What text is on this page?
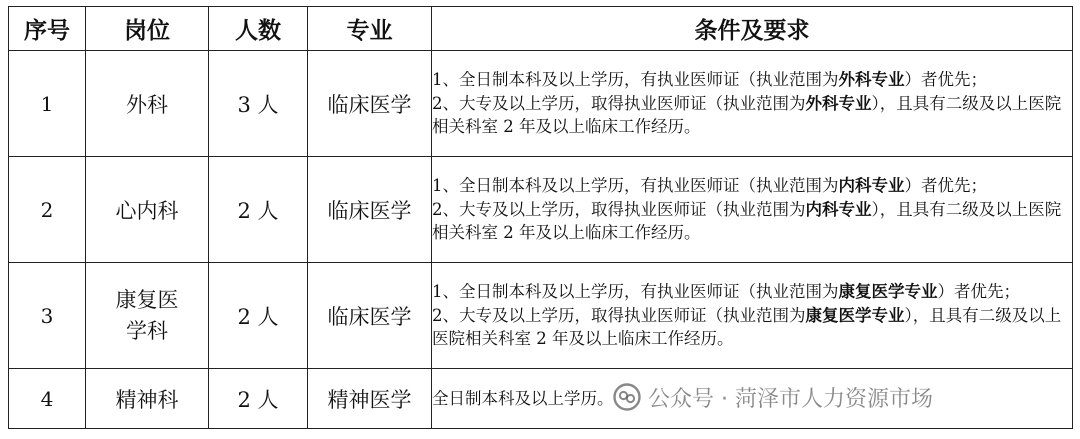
序号	岗位	人数	专业	条件及要求
1	外科	3 人	临床医学	1、全日制本科及以上学历，有执业医师证（执业范围为外科专业）者优先；
2、大专及以上学历，取得执业医师证（执业范围为外科专业），且具有二级及以上医院相关科室 2 年及以上临床工作经历。
2	心内科	2 人	临床医学	1、全日制本科及以上学历，有执业医师证（执业范围为内科专业）者优先；
2、大专及以上学历，取得执业医师证（执业范围为内科专业），且具有二级及以上医院相关科室 2 年及以上临床工作经历。
3	康复医学科	2 人	临床医学	1、全日制本科及以上学历，有执业医师证（执业范围为康复医学专业）者优先；
2、大专及以上学历，取得执业医师证（执业范围为康复医学专业），且具有二级及以上医院相关科室 2 年及以上临床工作经历。
4	精神科	2 人	精神医学	全日制本科及以上学历。 公众号 · 菏泽市人力资源市场
